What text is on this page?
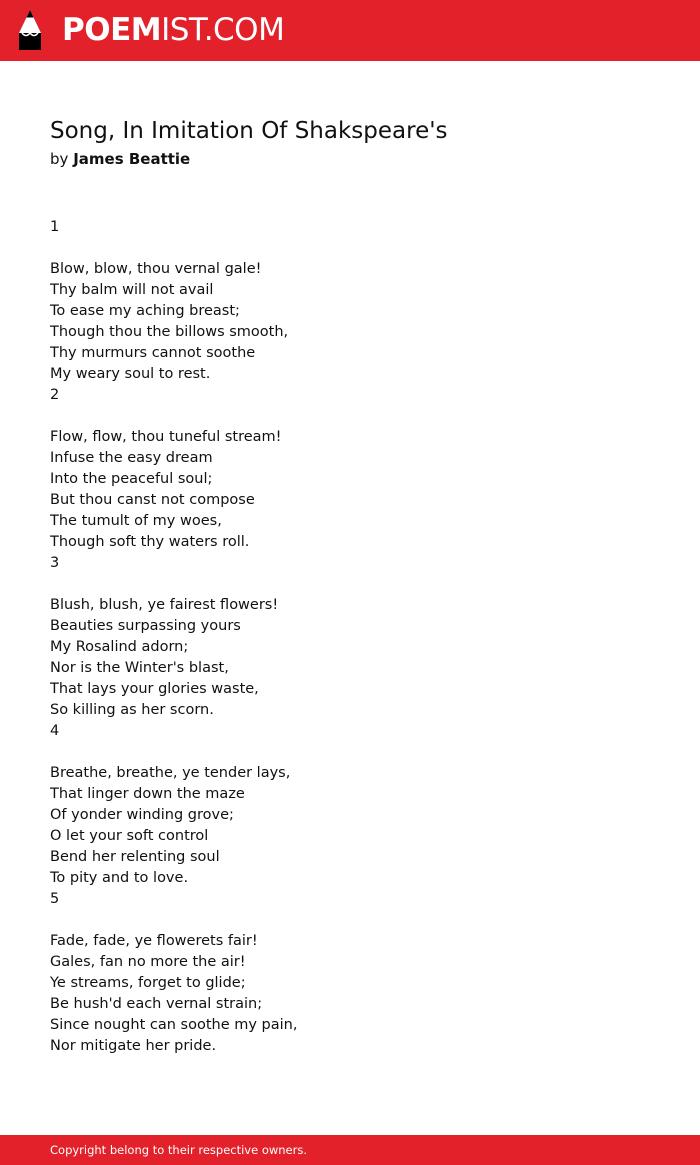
POEMIST.COM
Song, In Imitation Of Shakspeare's
by James Beattie
1
Blow, blow, thou vernal gale!
Thy balm will not avail
To ease my aching breast;
Though thou the billows smooth,
Thy murmurs cannot soothe
My weary soul to rest.
2
Flow, flow, thou tuneful stream!
Infuse the easy dream
Into the peaceful soul;
But thou canst not compose
The tumult of my woes,
Though soft thy waters roll.
3
Blush, blush, ye fairest flowers!
Beauties surpassing yours
My Rosalind adorn;
Nor is the Winter's blast,
That lays your glories waste,
So killing as her scorn.
4
Breathe, breathe, ye tender lays,
That linger down the maze
Of yonder winding grove;
O let your soft control
Bend her relenting soul
To pity and to love.
5
Fade, fade, ye flowerets fair!
Gales, fan no more the air!
Ye streams, forget to glide;
Be hush'd each vernal strain;
Since nought can soothe my pain,
Nor mitigate her pride.
Copyright belong to their respective owners.
